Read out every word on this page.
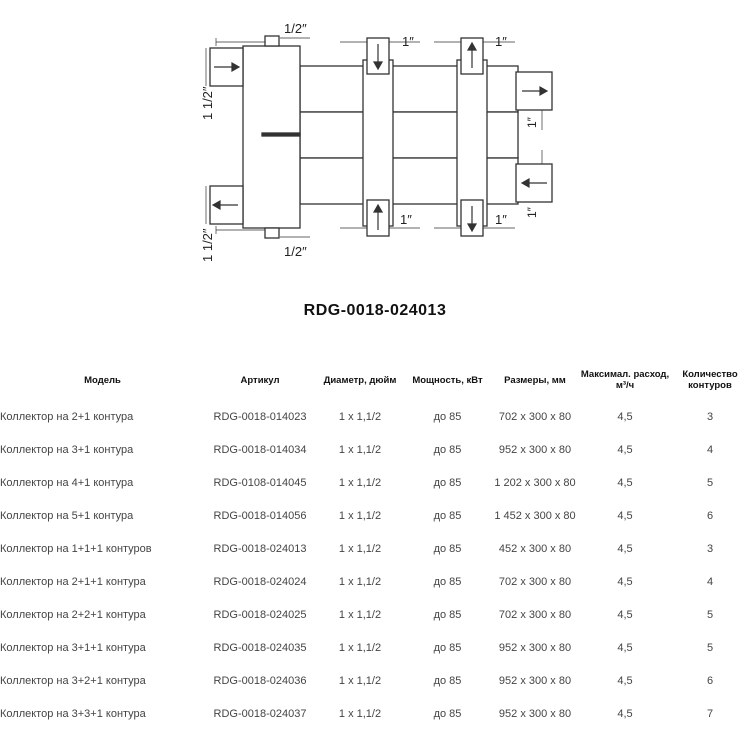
1/2″
1/2″
1 1/2″
1 1/2″
1″	1″
1″	1″
1″
1″
RDG-0018-024013
Модель	Артикул	Диаметр, дюйм	Мощность, кВт	Размеры, мм	Максимал. расход, м³/ч	Количество контуров
Коллектор на 2+1 контура	RDG-0018-014023	1 x 1,1/2	до 85	702 x 300 x 80	4,5	3
Коллектор на 3+1 контура	RDG-0018-014034	1 x 1,1/2	до 85	952 x 300 x 80	4,5	4
Коллектор на 4+1 контура	RDG-0108-014045	1 x 1,1/2	до 85	1 202 x 300 x 80	4,5	5
Коллектор на 5+1 контура	RDG-0018-014056	1 x 1,1/2	до 85	1 452 x 300 x 80	4,5	6
Коллектор на 1+1+1 контуров	RDG-0018-024013	1 x 1,1/2	до 85	452 x 300 x 80	4,5	3
Коллектор на 2+1+1 контура	RDG-0018-024024	1 x 1,1/2	до 85	702 x 300 x 80	4,5	4
Коллектор на 2+2+1 контура	RDG-0018-024025	1 x 1,1/2	до 85	702 x 300 x 80	4,5	5
Коллектор на 3+1+1 контура	RDG-0018-024035	1 x 1,1/2	до 85	952 x 300 x 80	4,5	5
Коллектор на 3+2+1 контура	RDG-0018-024036	1 x 1,1/2	до 85	952 x 300 x 80	4,5	6
Коллектор на 3+3+1 контура	RDG-0018-024037	1 x 1,1/2	до 85	952 x 300 x 80	4,5	7
